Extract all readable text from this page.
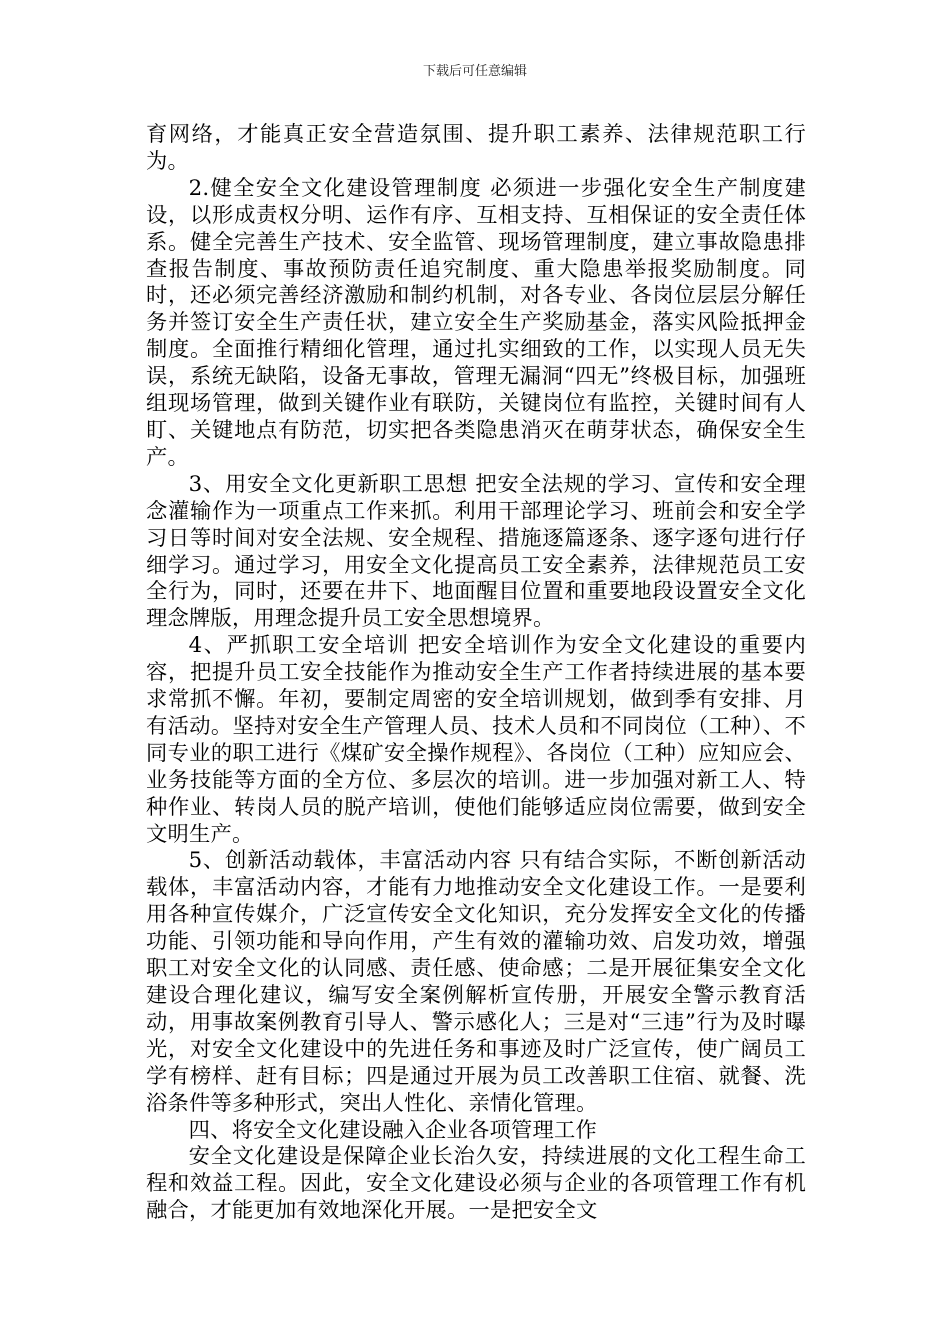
下载后可任意编辑

育网络，才能真正安全营造氛围、提升职工素养、法律规范职工行为。

2.健全安全文化建设管理制度 必须进一步强化安全生产制度建设，以形成责权分明、运作有序、互相支持、互相保证的安全责任体系。健全完善生产技术、安全监管、现场管理制度，建立事故隐患排查报告制度、事故预防责任追究制度、重大隐患举报奖励制度。同时，还必须完善经济激励和制约机制，对各专业、各岗位层层分解任务并签订安全生产责任状，建立安全生产奖励基金，落实风险抵押金制度。全面推行精细化管理，通过扎实细致的工作，以实现人员无失误，系统无缺陷，设备无事故，管理无漏洞“四无”终极目标，加强班组现场管理，做到关键作业有联防，关键岗位有监控，关键时间有人盯、关键地点有防范，切实把各类隐患消灭在萌芽状态，确保安全生产。

3、用安全文化更新职工思想 把安全法规的学习、宣传和安全理念灌输作为一项重点工作来抓。利用干部理论学习、班前会和安全学习日等时间对安全法规、安全规程、措施逐篇逐条、逐字逐句进行仔细学习。通过学习，用安全文化提高员工安全素养，法律规范员工安全行为，同时，还要在井下、地面醒目位置和重要地段设置安全文化理念牌版，用理念提升员工安全思想境界。

4、严抓职工安全培训 把安全培训作为安全文化建设的重要内容，把提升员工安全技能作为推动安全生产工作者持续进展的基本要求常抓不懈。年初，要制定周密的安全培训规划，做到季有安排、月有活动。坚持对安全生产管理人员、技术人员和不同岗位（工种）、不同专业的职工进行《煤矿安全操作规程》、各岗位（工种）应知应会、业务技能等方面的全方位、多层次的培训。进一步加强对新工人、特种作业、转岗人员的脱产培训，使他们能够适应岗位需要，做到安全文明生产。

5、创新活动载体，丰富活动内容 只有结合实际，不断创新活动载体，丰富活动内容，才能有力地推动安全文化建设工作。一是要利用各种宣传媒介，广泛宣传安全文化知识，充分发挥安全文化的传播功能、引领功能和导向作用，产生有效的灌输功效、启发功效，增强职工对安全文化的认同感、责任感、使命感；二是开展征集安全文化建设合理化建议，编写安全案例解析宣传册，开展安全警示教育活动，用事故案例教育引导人、警示感化人；三是对“三违”行为及时曝光，对安全文化建设中的先进任务和事迹及时广泛宣传，使广阔员工学有榜样、赶有目标；四是通过开展为员工改善职工住宿、就餐、洗浴条件等多种形式，突出人性化、亲情化管理。

四、将安全文化建设融入企业各项管理工作

安全文化建设是保障企业长治久安，持续进展的文化工程生命工程和效益工程。因此，安全文化建设必须与企业的各项管理工作有机融合，才能更加有效地深化开展。一是把安全文
